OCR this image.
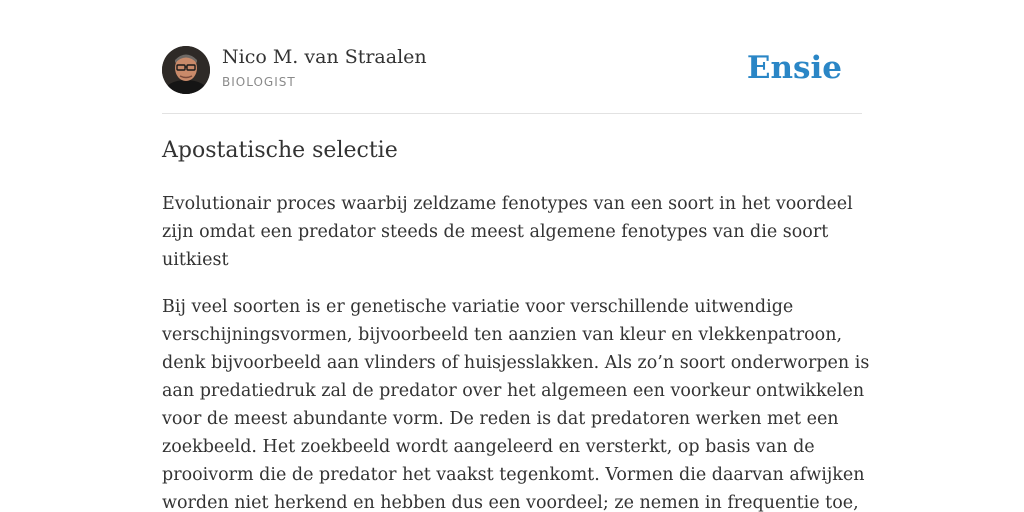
Nico M. van Straalen
BIOLOGIST	Ensie
Apostatische selectie
Evolutionair proces waarbij zeldzame fenotypes van een soort in het voordeel
zijn omdat een predator steeds de meest algemene fenotypes van die soort
uitkiest
Bij veel soorten is er genetische variatie voor verschillende uitwendige
verschijningsvormen, bijvoorbeeld ten aanzien van kleur en vlekkenpatroon,
denk bijvoorbeeld aan vlinders of huisjesslakken. Als zo’n soort onderworpen is
aan predatiedruk zal de predator over het algemeen een voorkeur ontwikkelen
voor de meest abundante vorm. De reden is dat predatoren werken met een
zoekbeeld. Het zoekbeeld wordt aangeleerd en versterkt, op basis van de
prooivorm die de predator het vaakst tegenkomt. Vormen die daarvan afwijken
worden niet herkend en hebben dus een voordeel; ze nemen in frequentie toe,
